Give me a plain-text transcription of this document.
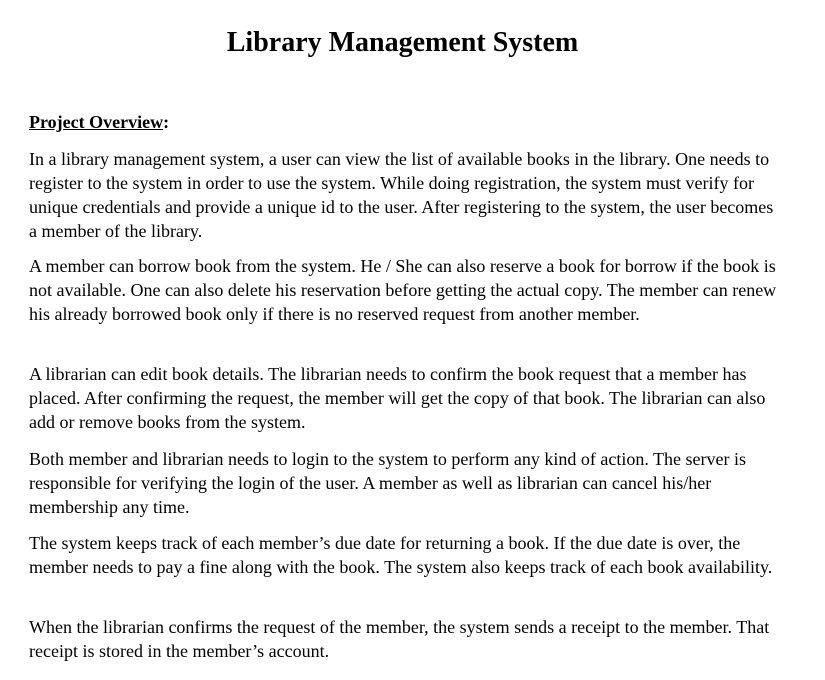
Library Management System

Project Overview:

In a library management system, a user can view the list of available books in the library. One needs to register to the system in order to use the system. While doing registration, the system must verify for unique credentials and provide a unique id to the user. After registering to the system, the user becomes a member of the library.

A member can borrow book from the system. He / She can also reserve a book for borrow if the book is not available. One can also delete his reservation before getting the actual copy. The member can renew his already borrowed book only if there is no reserved request from another member.

A librarian can edit book details. The librarian needs to confirm the book request that a member has placed. After confirming the request, the member will get the copy of that book. The librarian can also add or remove books from the system.

Both member and librarian needs to login to the system to perform any kind of action. The server is responsible for verifying the login of the user. A member as well as librarian can cancel his/her membership any time.

The system keeps track of each member’s due date for returning a book. If the due date is over, the member needs to pay a fine along with the book. The system also keeps track of each book availability.

When the librarian confirms the request of the member, the system sends a receipt to the member. That receipt is stored in the member’s account.
